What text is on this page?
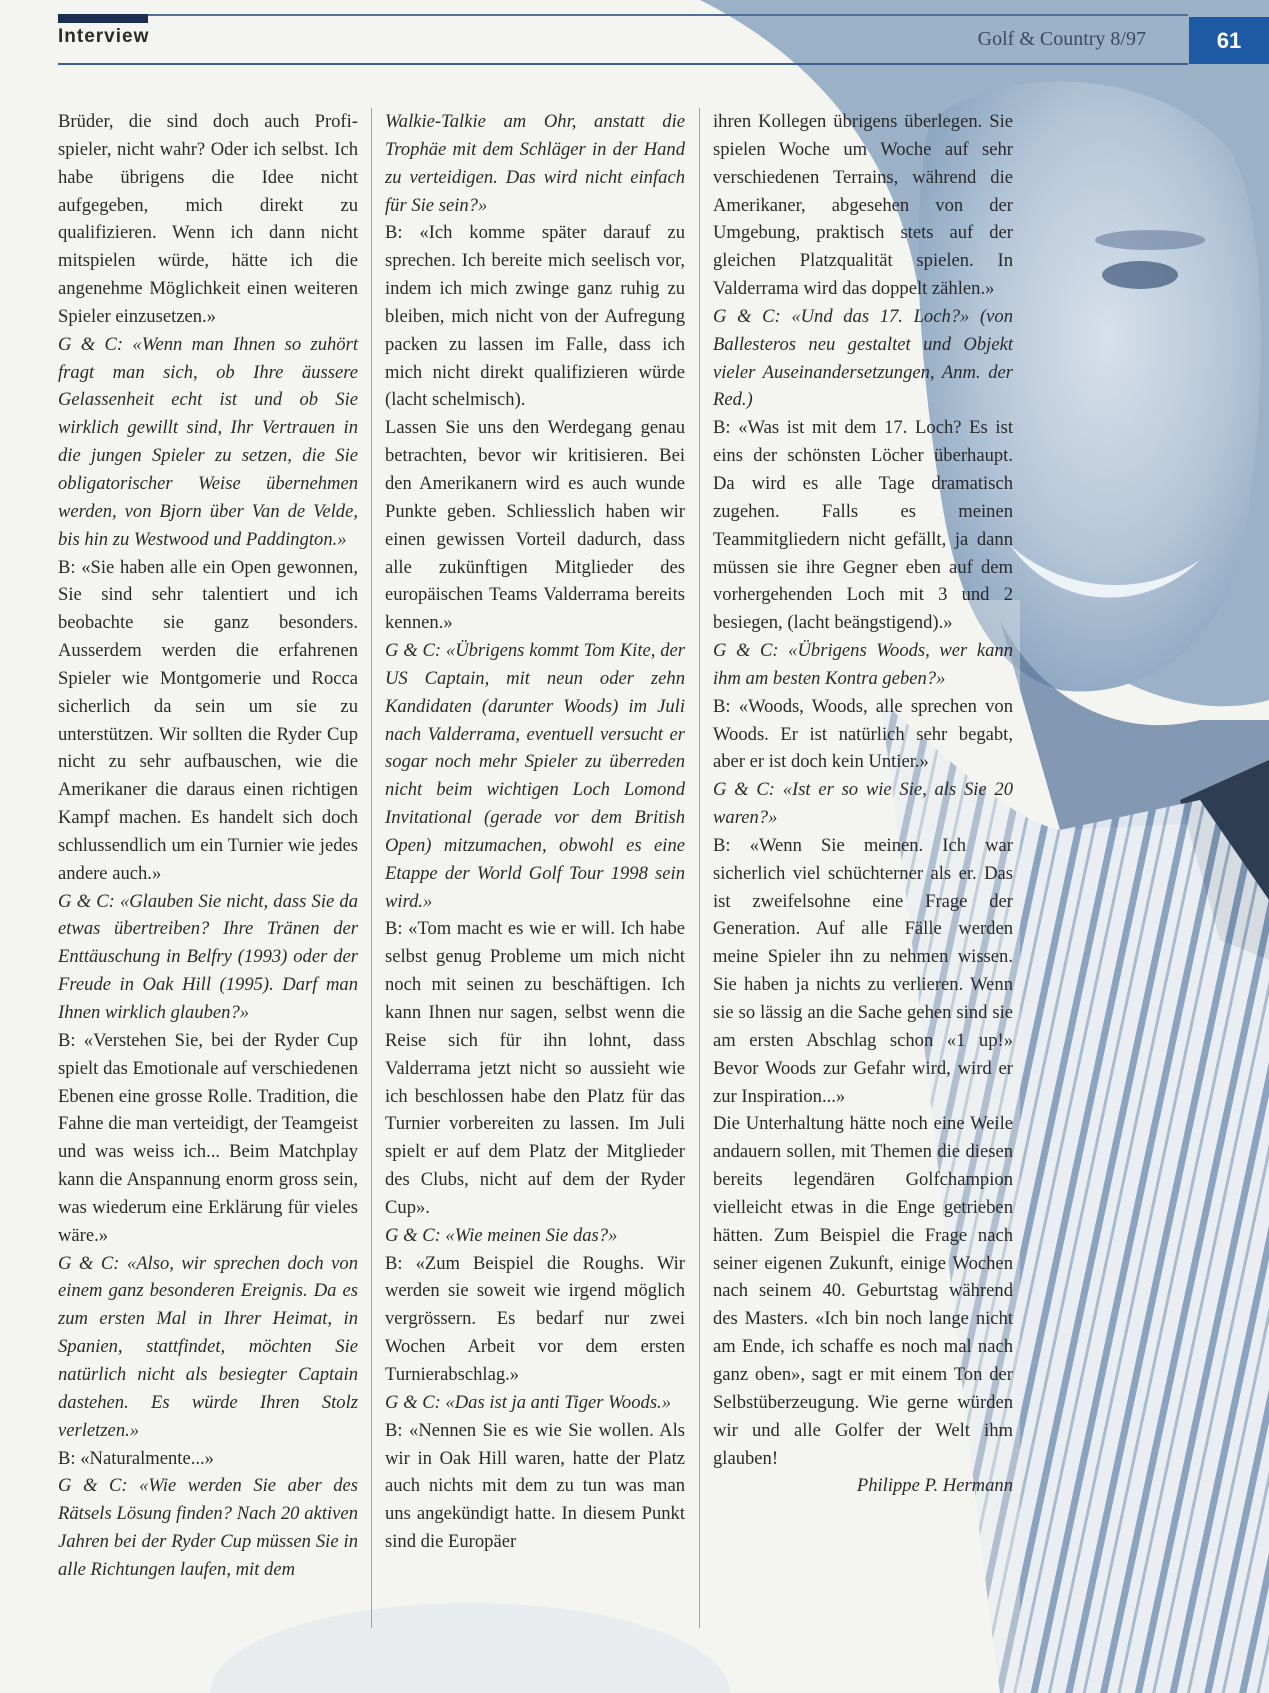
Interview	Golf & Country 8/97	61

Brüder, die sind doch auch Profi-spieler, nicht wahr? Oder ich selbst. Ich habe übrigens die Idee nicht aufgegeben, mich direkt zu qualifizieren. Wenn ich dann nicht mitspielen würde, hätte ich die angenehme Möglichkeit einen weiteren Spieler einzusetzen.»

G & C: «Wenn man Ihnen so zuhört fragt man sich, ob Ihre äussere Gelassenheit echt ist und ob Sie wirklich gewillt sind, Ihr Vertrauen in die jungen Spieler zu setzen, die Sie obligatorischer Weise übernehmen werden, von Bjorn über Van de Velde, bis hin zu Westwood und Paddington.»

B: «Sie haben alle ein Open gewonnen, Sie sind sehr talentiert und ich beobachte sie ganz besonders. Ausserdem werden die erfahrenen Spieler wie Montgomerie und Rocca sicherlich da sein um sie zu unterstützen. Wir sollten die Ryder Cup nicht zu sehr aufbauschen, wie die Amerikaner die daraus einen richtigen Kampf machen. Es handelt sich doch schlussendlich um ein Turnier wie jedes andere auch.»

G & C: «Glauben Sie nicht, dass Sie da etwas übertreiben? Ihre Tränen der Enttäuschung in Belfry (1993) oder der Freude in Oak Hill (1995). Darf man Ihnen wirklich glauben?»

B: «Verstehen Sie, bei der Ryder Cup spielt das Emotionale auf verschiedenen Ebenen eine grosse Rolle. Tradition, die Fahne die man verteidigt, der Teamgeist und was weiss ich... Beim Matchplay kann die Anspannung enorm gross sein, was wiederum eine Erklärung für vieles wäre.»

G & C: «Also, wir sprechen doch von einem ganz besonderen Ereignis. Da es zum ersten Mal in Ihrer Heimat, in Spanien, stattfindet, möchten Sie natürlich nicht als besiegter Captain dastehen. Es würde Ihren Stolz verletzen.»

B: «Naturalmente...»

G & C: «Wie werden Sie aber des Rätsels Lösung finden? Nach 20 aktiven Jahren bei der Ryder Cup müssen Sie in alle Richtungen laufen, mit dem

Walkie-Talkie am Ohr, anstatt die Trophäe mit dem Schläger in der Hand zu verteidigen. Das wird nicht einfach für Sie sein?»

B: «Ich komme später darauf zu sprechen. Ich bereite mich seelisch vor, indem ich mich zwinge ganz ruhig zu bleiben, mich nicht von der Aufregung packen zu lassen im Falle, dass ich mich nicht direkt qualifizieren würde (lacht schelmisch).

Lassen Sie uns den Werdegang genau betrachten, bevor wir kritisieren. Bei den Amerikanern wird es auch wunde Punkte geben. Schliesslich haben wir einen gewissen Vorteil dadurch, dass alle zukünftigen Mitglieder des europäischen Teams Valderrama bereits kennen.»

G & C: «Übrigens kommt Tom Kite, der US Captain, mit neun oder zehn Kandidaten (darunter Woods) im Juli nach Valderrama, eventuell versucht er sogar noch mehr Spieler zu überreden nicht beim wichtigen Loch Lomond Invitational (gerade vor dem British Open) mitzumachen, obwohl es eine Etappe der World Golf Tour 1998 sein wird.»

B: «Tom macht es wie er will. Ich habe selbst genug Probleme um mich nicht noch mit seinen zu beschäftigen. Ich kann Ihnen nur sagen, selbst wenn die Reise sich für ihn lohnt, dass Valderrama jetzt nicht so aussieht wie ich beschlossen habe den Platz für das Turnier vorbereiten zu lassen. Im Juli spielt er auf dem Platz der Mitglieder des Clubs, nicht auf dem der Ryder Cup».

G & C: «Wie meinen Sie das?»

B: «Zum Beispiel die Roughs. Wir werden sie soweit wie irgend möglich vergrössern. Es bedarf nur zwei Wochen Arbeit vor dem ersten Turnierabschlag.»

G & C: «Das ist ja anti Tiger Woods.»

B: «Nennen Sie es wie Sie wollen. Als wir in Oak Hill waren, hatte der Platz auch nichts mit dem zu tun was man uns angekündigt hatte. In diesem Punkt sind die Europäer

ihren Kollegen übrigens überlegen. Sie spielen Woche um Woche auf sehr verschiedenen Terrains, während die Amerikaner, abgesehen von der Umgebung, praktisch stets auf der gleichen Platzqualität spielen. In Valderrama wird das doppelt zählen.»

G & C: «Und das 17. Loch?» (von Ballesteros neu gestaltet und Objekt vieler Auseinandersetzungen, Anm. der Red.)

B: «Was ist mit dem 17. Loch? Es ist eins der schönsten Löcher überhaupt. Da wird es alle Tage dramatisch zugehen. Falls es meinen Teammitgliedern nicht gefällt, ja dann müssen sie ihre Gegner eben auf dem vorhergehenden Loch mit 3 und 2 besiegen, (lacht beängstigend).»

G & C: «Übrigens Woods, wer kann ihm am besten Kontra geben?»

B: «Woods, Woods, alle sprechen von Woods. Er ist natürlich sehr begabt, aber er ist doch kein Untier.»

G & C: «Ist er so wie Sie, als Sie 20 waren?»

B: «Wenn Sie meinen. Ich war sicherlich viel schüchterner als er. Das ist zweifelsohne eine Frage der Generation. Auf alle Fälle werden meine Spieler ihn zu nehmen wissen. Sie haben ja nichts zu verlieren. Wenn sie so lässig an die Sache gehen sind sie am ersten Abschlag schon «1 up!» Bevor Woods zur Gefahr wird, wird er zur Inspiration...»

Die Unterhaltung hätte noch eine Weile andauern sollen, mit Themen die diesen bereits legendären Golfchampion vielleicht etwas in die Enge getrieben hätten. Zum Beispiel die Frage nach seiner eigenen Zukunft, einige Wochen nach seinem 40. Geburtstag während des Masters. «Ich bin noch lange nicht am Ende, ich schaffe es noch mal nach ganz oben», sagt er mit einem Ton der Selbstüberzeugung. Wie gerne würden wir und alle Golfer der Welt ihm glauben!

Philippe P. Hermann
